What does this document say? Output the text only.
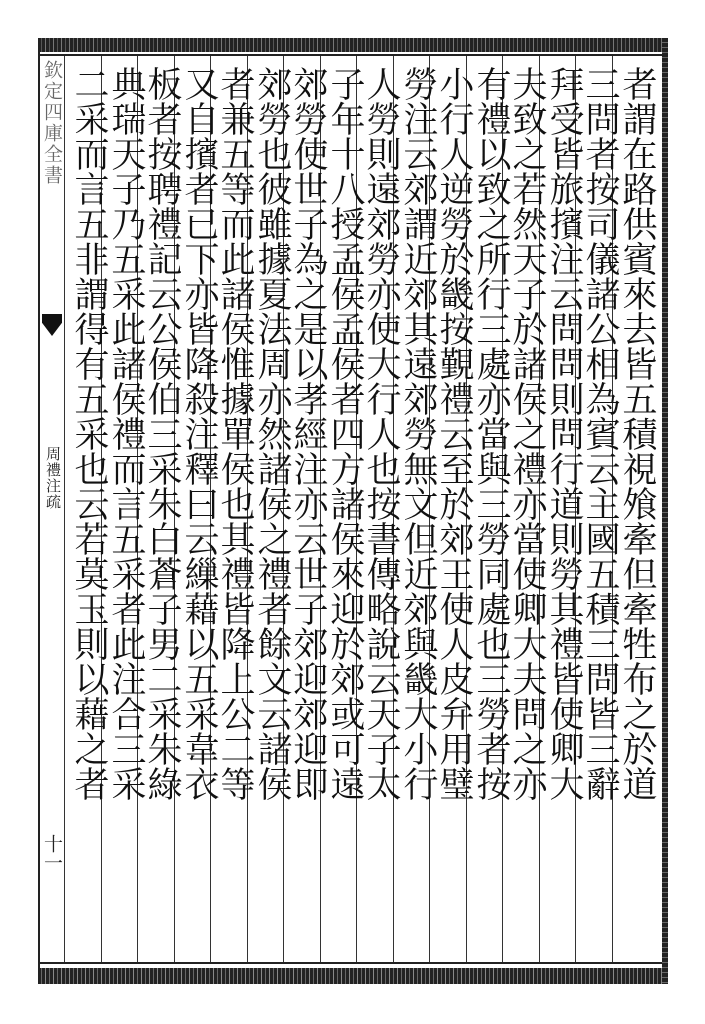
欽定四庫全書
周禮注疏
十一
者謂在路供賓來去皆五積視飧牽但牽牲布之於道
三問者按司儀諸公相為賓云主國五積三問皆三辭
拜受皆旅擯注云問問則問行道則勞其禮皆使卿大
夫致之若然天子於諸侯之禮亦當使卿大夫問之亦
有禮以致之所行三處亦當與三勞同處也三勞者按
小行人逆勞於畿按覲禮云至於郊王使人皮弁用璧
勞注云郊謂近郊其遠郊勞無文但近郊與畿大小行
人勞則遠郊勞亦使大行人也按書傳略說云天子太
子年十八授孟侯孟侯者四方諸侯來迎於郊或可遠
郊勞使世子為之是以孝經注亦云世子郊迎郊迎即
郊勞也彼雖據夏法周亦然諸侯之禮者餘文云諸侯
者兼五等而此諸侯惟據單侯也其禮皆降上公二等
又自擯者已下亦皆降殺注釋曰云繅藉以五采韋衣
板者按聘禮記云公侯伯三采朱白蒼子男二采朱綠
典瑞天子乃五采此諸侯禮而言五采者此注合三采
二采而言五非謂得有五采也云若莫玉則以藉之者
